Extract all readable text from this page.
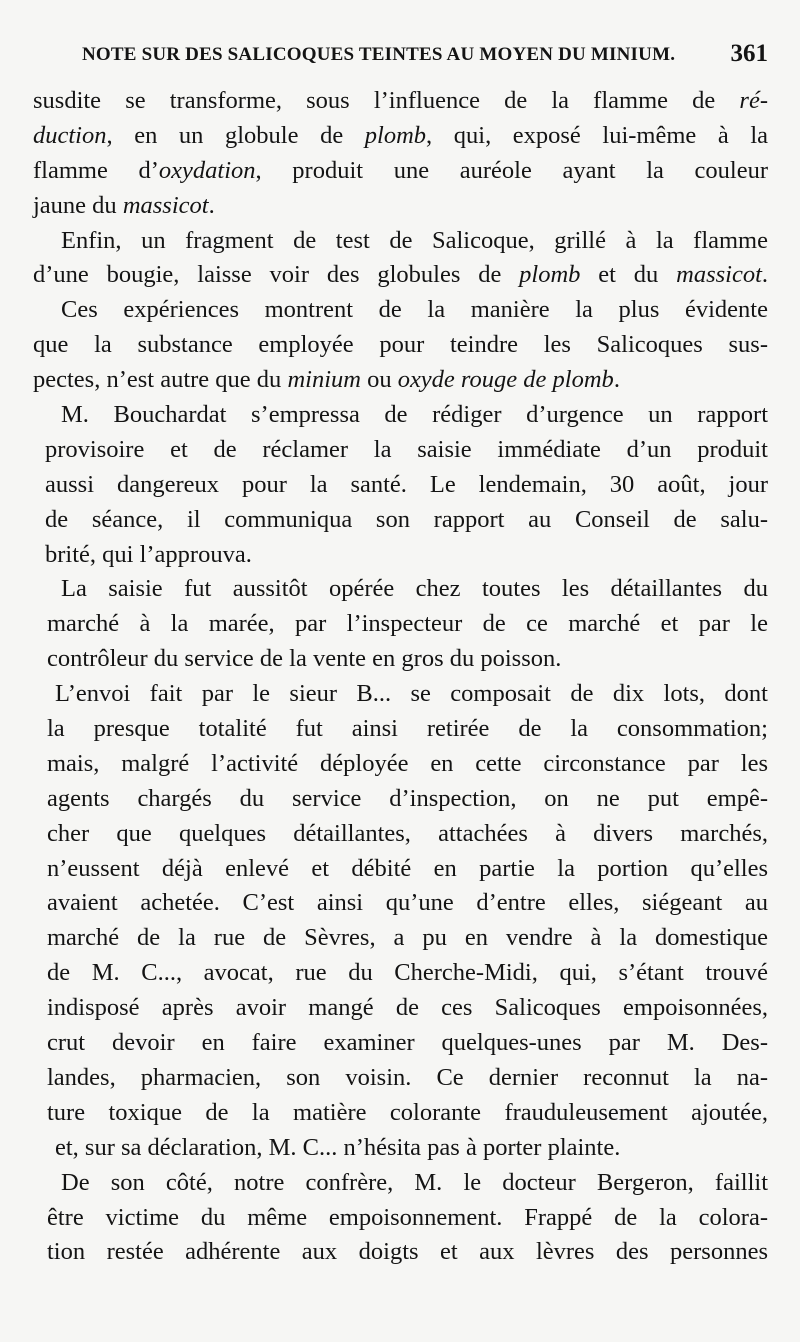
NOTE SUR DES SALICOQUES TEINTES AU MOYEN DU MINIUM. 361
susdite se transforme, sous l’influence de la flamme de ré-
duction, en un globule de plomb, qui, exposé lui-même à la
flamme d’oxydation, produit une auréole ayant la couleur
jaune du massicot.
Enfin, un fragment de test de Salicoque, grillé à la flamme
d’une bougie, laisse voir des globules de plomb et du massicot.
Ces expériences montrent de la manière la plus évidente
que la substance employée pour teindre les Salicoques sus-
pectes, n’est autre que du minium ou oxyde rouge de plomb.
M. Bouchardat s’empressa de rédiger d’urgence un rapport
provisoire et de réclamer la saisie immédiate d’un produit
aussi dangereux pour la santé. Le lendemain, 30 août, jour
de séance, il communiqua son rapport au Conseil de salu-
brité, qui l’approuva.
La saisie fut aussitôt opérée chez toutes les détaillantes du
marché à la marée, par l’inspecteur de ce marché et par le
contrôleur du service de la vente en gros du poisson.
L’envoi fait par le sieur B... se composait de dix lots, dont
la presque totalité fut ainsi retirée de la consommation;
mais, malgré l’activité déployée en cette circonstance par les
agents chargés du service d’inspection, on ne put empê-
cher que quelques détaillantes, attachées à divers marchés,
n’eussent déjà enlevé et débité en partie la portion qu’elles
avaient achetée. C’est ainsi qu’une d’entre elles, siégeant au
marché de la rue de Sèvres, a pu en vendre à la domestique
de M. C..., avocat, rue du Cherche-Midi, qui, s’étant trouvé
indisposé après avoir mangé de ces Salicoques empoisonnées,
crut devoir en faire examiner quelques-unes par M. Des-
landes, pharmacien, son voisin. Ce dernier reconnut la na-
ture toxique de la matière colorante frauduleusement ajoutée,
et, sur sa déclaration, M. C... n’hésita pas à porter plainte.
De son côté, notre confrère, M. le docteur Bergeron, faillit
être victime du même empoisonnement. Frappé de la colora-
tion restée adhérente aux doigts et aux lèvres des personnes
